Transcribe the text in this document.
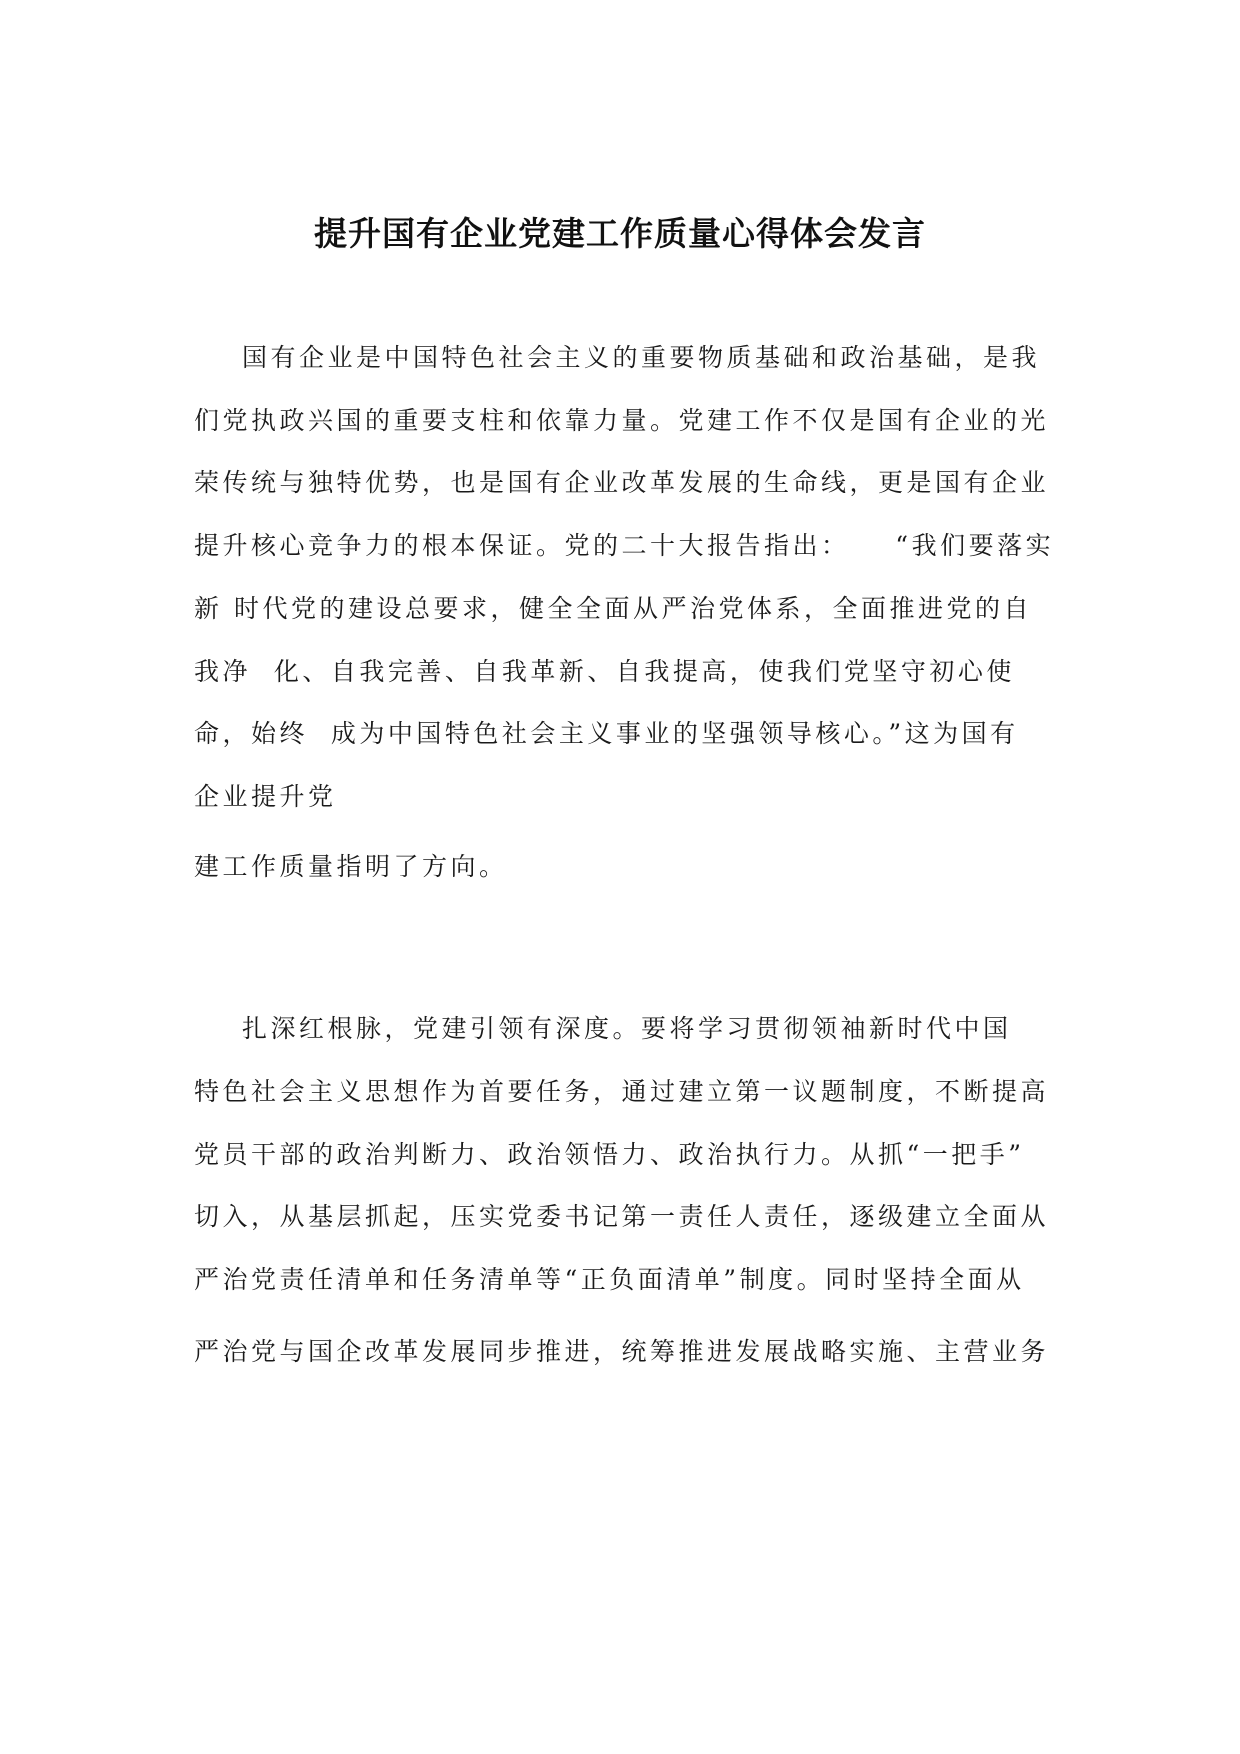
提升国有企业党建工作质量心得体会发言

国有企业是中国特色社会主义的重要物质基础和政治基础，是我

们党执政兴国的重要支柱和依靠力量。党建工作不仅是国有企业的光

荣传统与独特优势，也是国有企业改革发展的生命线，更是国有企业

提升核心竞争力的根本保证。党的二十大报告指出：    “我们要落实

新 时代党的建设总要求，健全全面从严治党体系，全面推进党的自

我净  化、自我完善、自我革新、自我提高，使我们党坚守初心使

命，始终  成为中国特色社会主义事业的坚强领导核心。”这为国有

企业提升党

建工作质量指明了方向。

扎深红根脉，党建引领有深度。要将学习贯彻领袖新时代中国

特色社会主义思想作为首要任务，通过建立第一议题制度，不断提高

党员干部的政治判断力、政治领悟力、政治执行力。从抓“一把手”

切入，从基层抓起，压实党委书记第一责任人责任，逐级建立全面从

严治党责任清单和任务清单等“正负面清单”制度。同时坚持全面从

严治党与国企改革发展同步推进，统筹推进发展战略实施、主营业务
